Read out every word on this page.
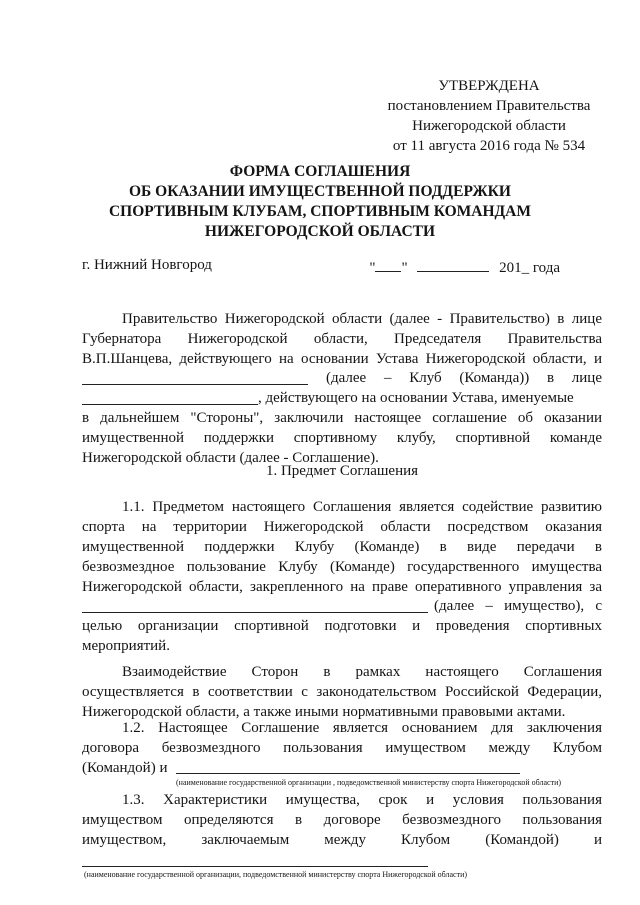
УТВЕРЖДЕНА
постановлением Правительства
Нижегородской области
от 11 августа 2016 года № 534
ФОРМА СОГЛАШЕНИЯ
ОБ ОКАЗАНИИ ИМУЩЕСТВЕННОЙ ПОДДЕРЖКИ
СПОРТИВНЫМ КЛУБАМ, СПОРТИВНЫМ КОМАНДАМ
НИЖЕГОРОДСКОЙ ОБЛАСТИ
г. Нижний Новгород	" "	201_ года
Правительство Нижегородской области (далее - Правительство) в лице
Губернатора Нижегородской области, Председателя Правительства
В.П.Шанцева, действующего на основании Устава Нижегородской области, и
(далее – Клуб (Команда)) в лице
, действующего на основании Устава, именуемые
в дальнейшем "Стороны", заключили настоящее соглашение об оказании
имущественной поддержки спортивному клубу, спортивной команде
Нижегородской области (далее - Соглашение).
1. Предмет Соглашения
1.1. Предметом настоящего Соглашения является содействие развитию
спорта на территории Нижегородской области посредством оказания
имущественной поддержки Клубу (Команде) в виде передачи в
безвозмездное пользование Клубу (Команде) государственного имущества
Нижегородской области, закрепленного на праве оперативного управления за
(далее – имущество), с
целью организации спортивной подготовки и проведения спортивных
мероприятий.
Взаимодействие Сторон в рамках настоящего Соглашения
осуществляется в соответствии с законодательством Российской Федерации,
Нижегородской области, а также иными нормативными правовыми актами.
1.2. Настоящее Соглашение является основанием для заключения
договора безвозмездного пользования имуществом между Клубом
(Командой) и
(наименование государственной организации , подведомственной министерству спорта Нижегородской области)
1.3. Характеристики имущества, срок и условия пользования
имуществом определяются в договоре безвозмездного пользования
имуществом, заключаемым между Клубом (Командой) и
(наименование государственной организации, подведомственной министерству спорта Нижегородской области)
